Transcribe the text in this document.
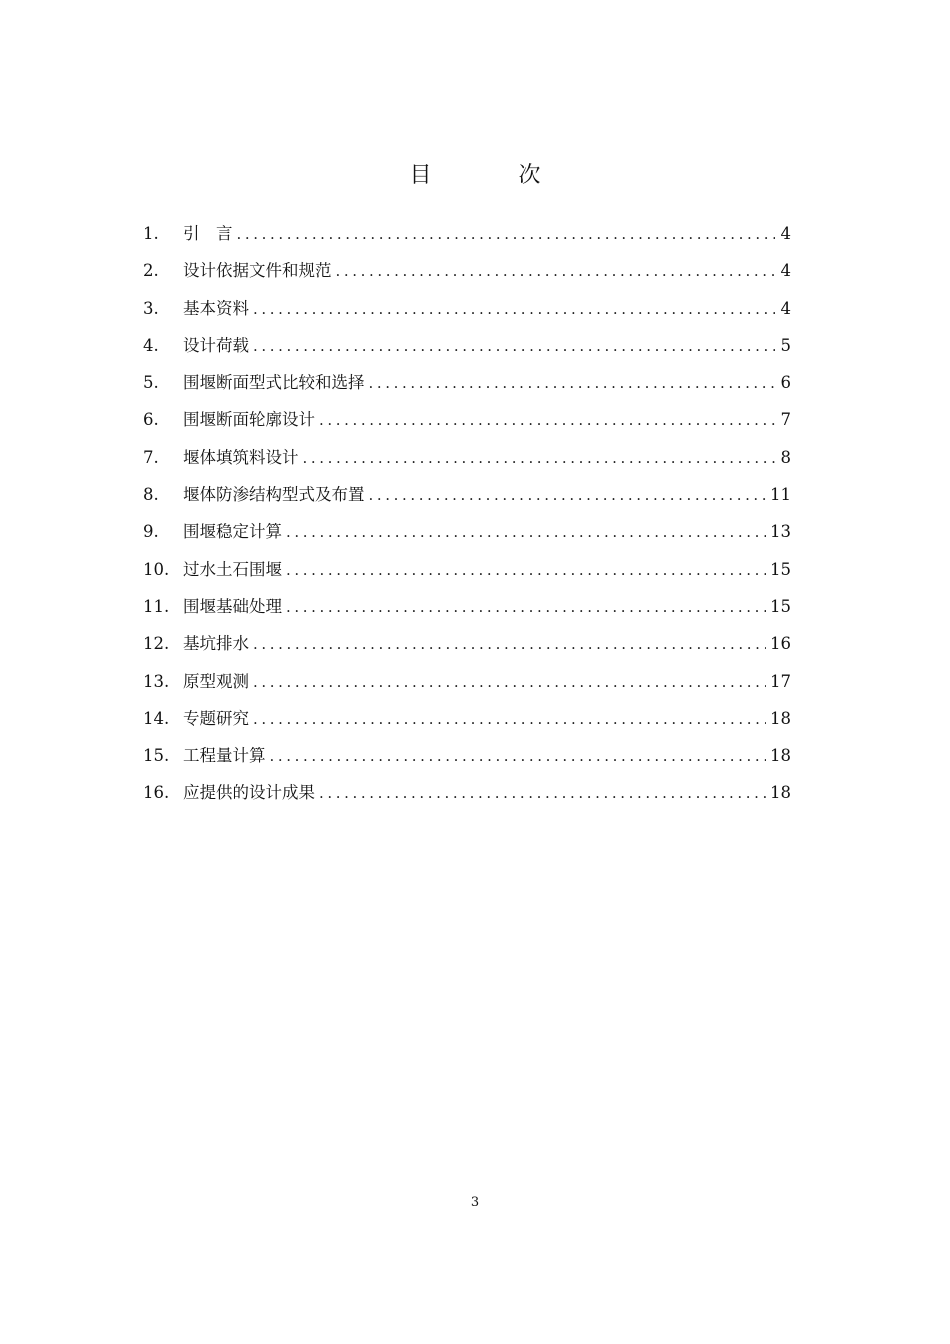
目 次
1.	引　言 .....	4
2.	设计依据文件和规范 .....	4
3.	基本资料 .....	4
4.	设计荷载 .....	5
5.	围堰断面型式比较和选择 .....	6
6.	围堰断面轮廓设计 .....	7
7.	堰体填筑料设计 .....	8
8.	堰体防渗结构型式及布置 .....	11
9.	围堰稳定计算 .....	13
10. 过水土石围堰 .....	15
11. 围堰基础处理 .....	15
12. 基坑排水 .....	16
13. 原型观测 .....	17
14. 专题研究 .....	18
15. 工程量计算 .....	18
16. 应提供的设计成果 .....	18
3
